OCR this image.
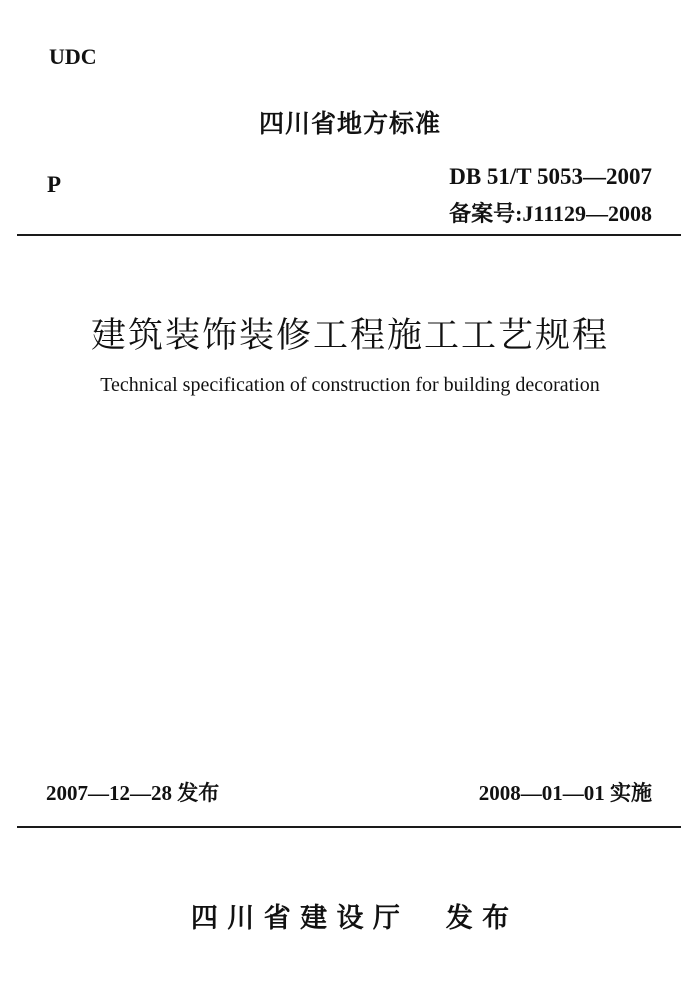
UDC
四川省地方标准
P	DB 51/T 5053—2007
备案号:J11129—2008
建筑装饰装修工程施工工艺规程
Technical specification of construction for building decoration
2007—12—28 发布	2008—01—01 实施
四 川 省 建 设 厅 　 发 布
